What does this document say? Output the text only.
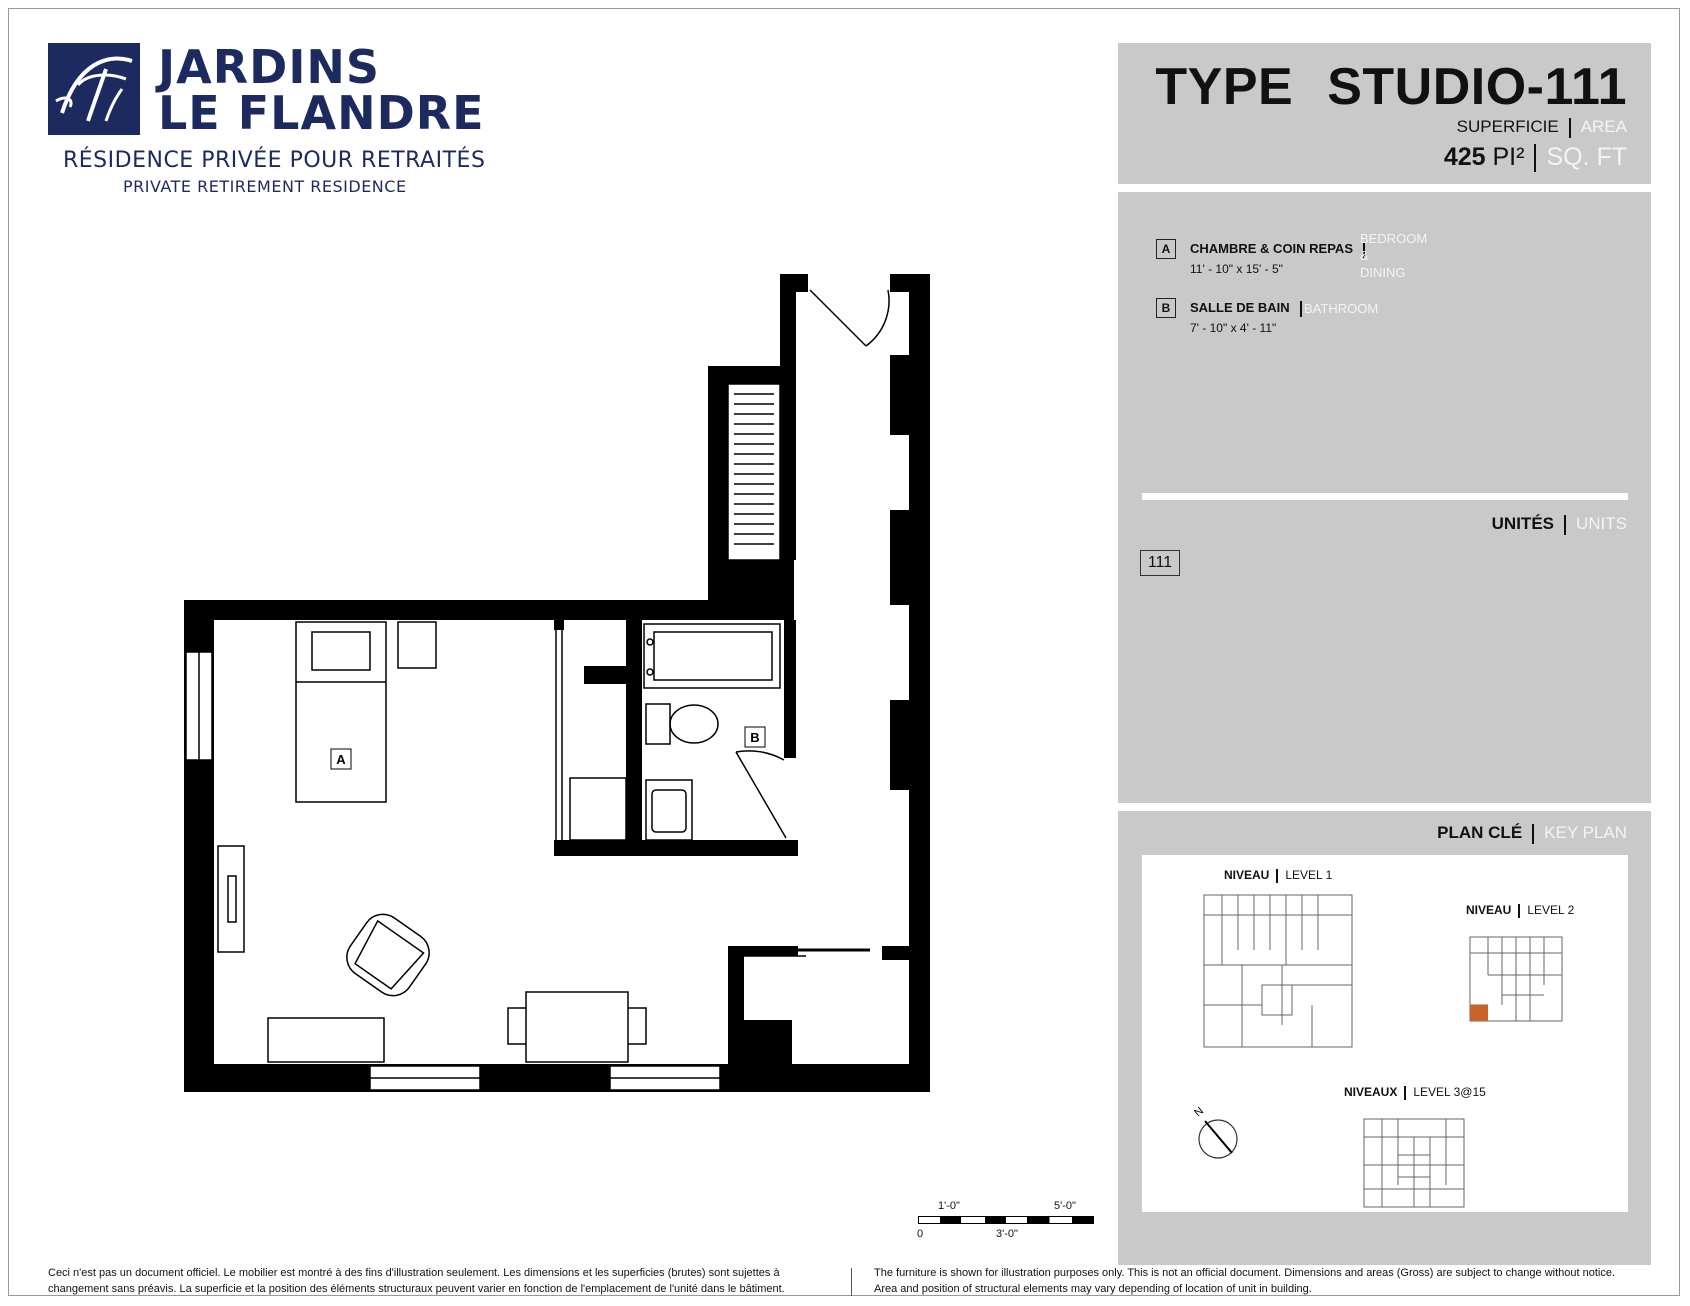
JARDINS
LE FLANDRE
RÉSIDENCE PRIVÉE POUR RETRAITÉS
PRIVATE RETIREMENT RESIDENCE
A
B
1'-0"	5'-0"
0	3'-0"
TYPE STUDIO-111
SUPERFICIE AREA
425 PI² SQ. FT
A	CHAMBRE & COIN REPAS
11' - 10" x 15' - 5"
BEDROOM &
DINING
B	SALLE DE BAIN
7' - 10" x 4' - 11"
BATHROOM
UNITÉS UNITS
111
PLAN CLÉ KEY PLAN
NIVEAU LEVEL 1
NIVEAU LEVEL 2
NIVEAUX LEVEL 3@15
N
Ceci n'est pas un document officiel. Le mobilier est montré à des fins d'illustration seulement. Les dimensions et les superficies (brutes) sont sujettes à
changement sans préavis. La superficie et la position des éléments structuraux peuvent varier en fonction de l'emplacement de l'unité dans le bâtiment.
The furniture is shown for illustration purposes only. This is not an official document. Dimensions and areas (Gross) are subject to change without notice.
Area and position of structural elements may vary depending of location of unit in building.
